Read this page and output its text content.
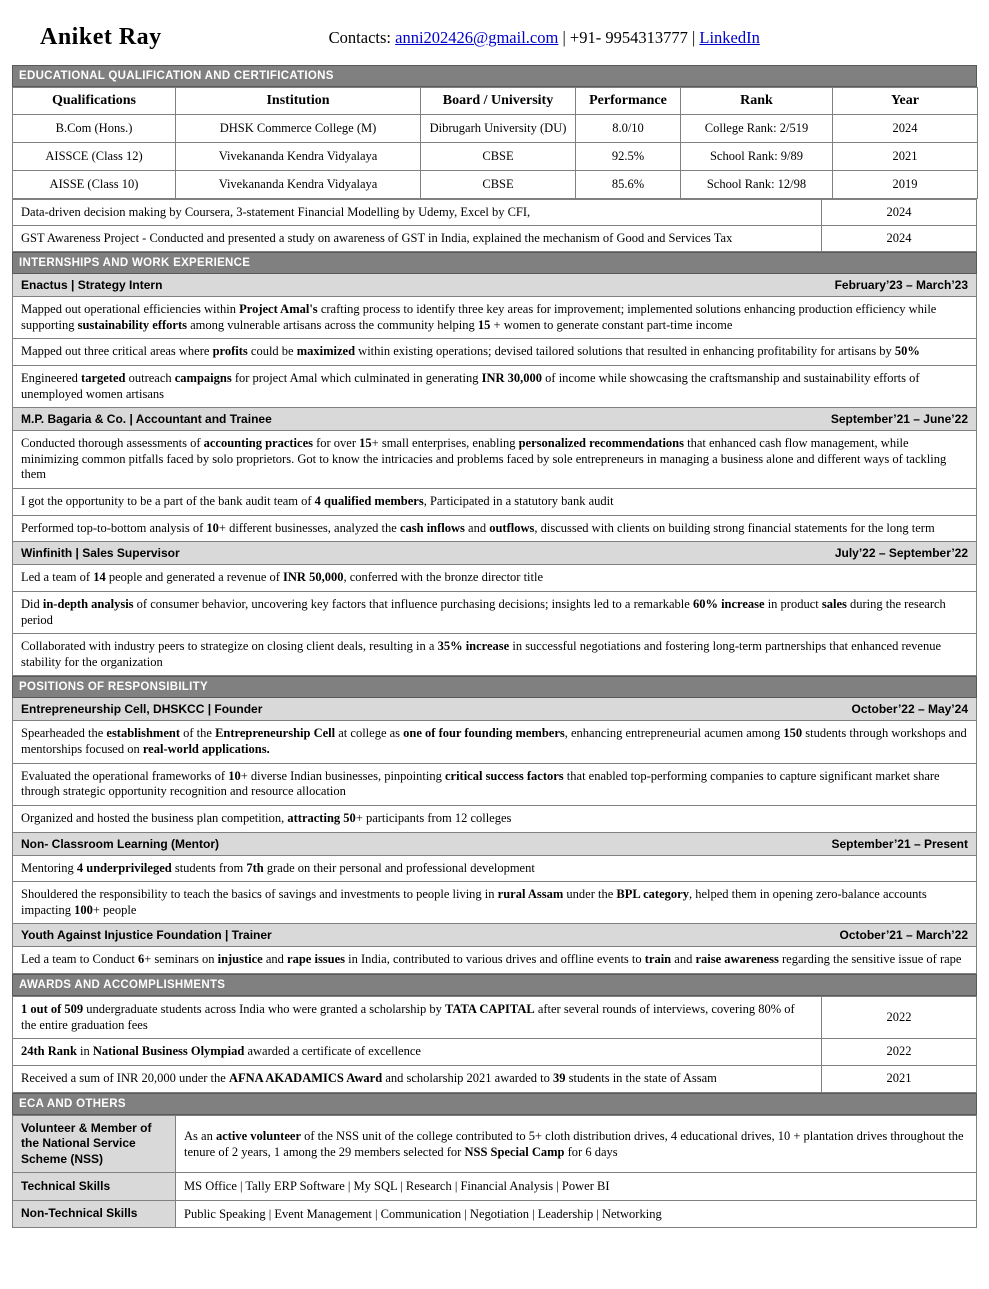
Aniket Ray	Contacts: anni202426@gmail.com | +91- 9954313777 | LinkedIn
EDUCATIONAL QUALIFICATION AND CERTIFICATIONS
Qualifications	Institution	Board / University	Performance	Rank	Year
B.Com (Hons.)	DHSK Commerce College (M)	Dibrugarh University (DU)	8.0/10	College Rank: 2/519	2024
AISSCE (Class 12)	Vivekananda Kendra Vidyalaya	CBSE	92.5%	School Rank: 9/89	2021
AISSE (Class 10)	Vivekananda Kendra Vidyalaya	CBSE	85.6%	School Rank: 12/98	2019
Data-driven decision making by Coursera, 3-statement Financial Modelling by Udemy, Excel by CFI,	2024
GST Awareness Project - Conducted and presented a study on awareness of GST in India, explained the mechanism of Good and Services Tax	2024
INTERNSHIPS AND WORK EXPERIENCE
Enactus | Strategy Intern	February’23 – March’23
Mapped out operational efficiencies within Project Amal's crafting process to identify three key areas for improvement; implemented solutions enhancing production efficiency while supporting sustainability efforts among vulnerable artisans across the community helping 15 + women to generate constant part-time income
Mapped out three critical areas where profits could be maximized within existing operations; devised tailored solutions that resulted in enhancing profitability for artisans by 50%
Engineered targeted outreach campaigns for project Amal which culminated in generating INR 30,000 of income while showcasing the craftsmanship and sustainability efforts of unemployed women artisans
M.P. Bagaria & Co. | Accountant and Trainee	September’21 – June’22
Conducted thorough assessments of accounting practices for over 15+ small enterprises, enabling personalized recommendations that enhanced cash flow management, while minimizing common pitfalls faced by solo proprietors. Got to know the intricacies and problems faced by sole entrepreneurs in managing a business alone and different ways of tackling them
I got the opportunity to be a part of the bank audit team of 4 qualified members, Participated in a statutory bank audit
Performed top-to-bottom analysis of 10+ different businesses, analyzed the cash inflows and outflows, discussed with clients on building strong financial statements for the long term
Winfinith | Sales Supervisor	July’22 – September’22
Led a team of 14 people and generated a revenue of INR 50,000, conferred with the bronze director title
Did in-depth analysis of consumer behavior, uncovering key factors that influence purchasing decisions; insights led to a remarkable 60% increase in product sales during the research period
Collaborated with industry peers to strategize on closing client deals, resulting in a 35% increase in successful negotiations and fostering long-term partnerships that enhanced revenue stability for the organization
POSITIONS OF RESPONSIBILITY
Entrepreneurship Cell, DHSKCC | Founder	October’22 – May’24
Spearheaded the establishment of the Entrepreneurship Cell at college as one of four founding members, enhancing entrepreneurial acumen among 150 students through workshops and mentorships focused on real-world applications.
Evaluated the operational frameworks of 10+ diverse Indian businesses, pinpointing critical success factors that enabled top-performing companies to capture significant market share through strategic opportunity recognition and resource allocation
Organized and hosted the business plan competition, attracting 50+ participants from 12 colleges
Non- Classroom Learning (Mentor)	September’21 – Present
Mentoring 4 underprivileged students from 7th grade on their personal and professional development
Shouldered the responsibility to teach the basics of savings and investments to people living in rural Assam under the BPL category, helped them in opening zero-balance accounts impacting 100+ people
Youth Against Injustice Foundation | Trainer	October’21 – March’22
Led a team to Conduct 6+ seminars on injustice and rape issues in India, contributed to various drives and offline events to train and raise awareness regarding the sensitive issue of rape
AWARDS AND ACCOMPLISHMENTS
1 out of 509 undergraduate students across India who were granted a scholarship by TATA CAPITAL after several rounds of interviews, covering 80% of the entire graduation fees	2022
24th Rank in National Business Olympiad awarded a certificate of excellence	2022
Received a sum of INR 20,000 under the AFNA AKADAMICS Award and scholarship 2021 awarded to 39 students in the state of Assam	2021
ECA AND OTHERS
Volunteer & Member of the National Service Scheme (NSS)	As an active volunteer of the NSS unit of the college contributed to 5+ cloth distribution drives, 4 educational drives, 10 + plantation drives throughout the tenure of 2 years, 1 among the 29 members selected for NSS Special Camp for 6 days
Technical Skills	MS Office | Tally ERP Software | My SQL | Research | Financial Analysis | Power BI
Non-Technical Skills	Public Speaking | Event Management | Communication | Negotiation | Leadership | Networking
